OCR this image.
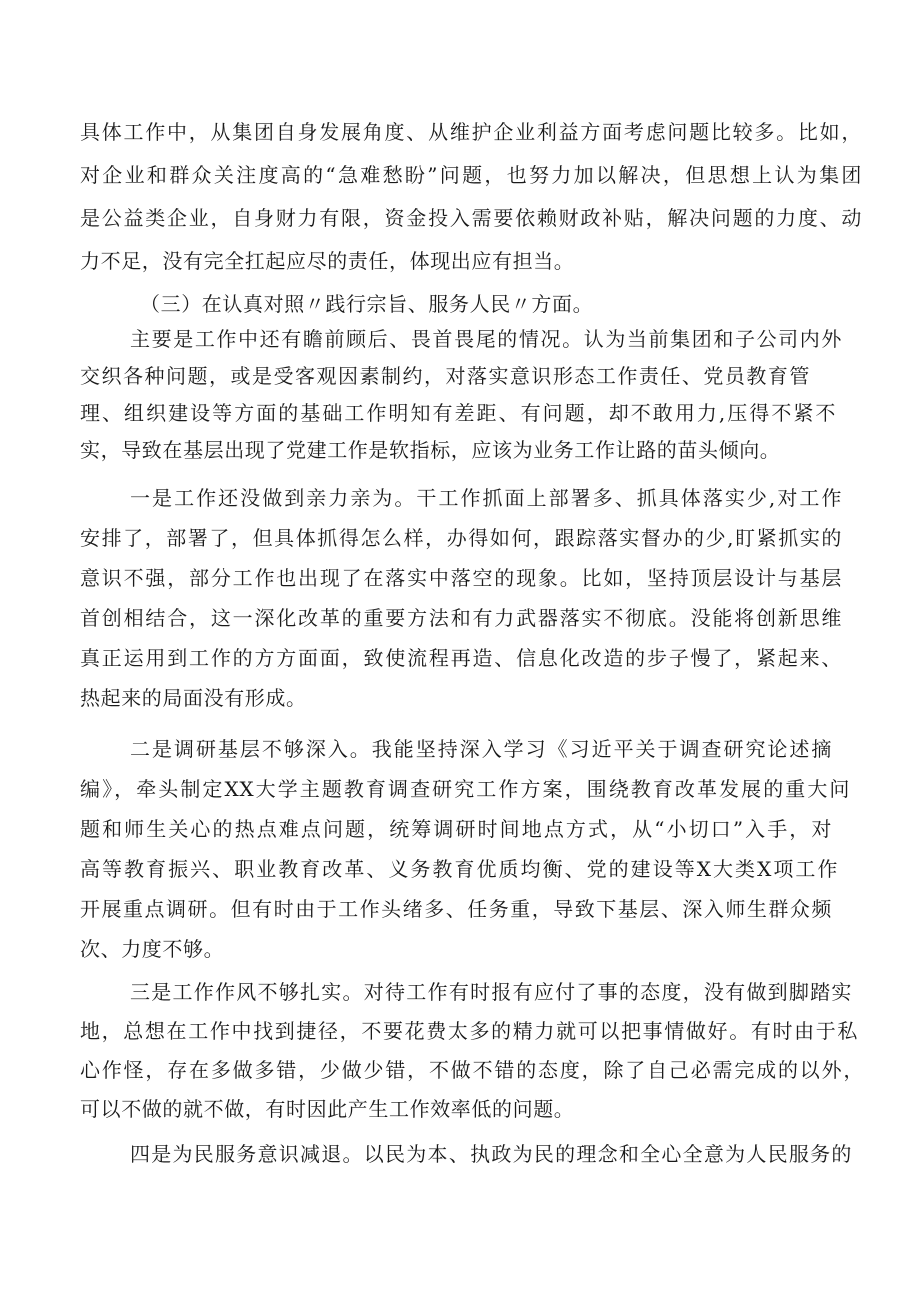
具体工作中，从集团自身发展角度、从维护企业利益方面考虑问题比较多。比如，
对企业和群众关注度高的“急难愁盼”问题，也努力加以解决，但思想上认为集团
是公益类企业，自身财力有限，资金投入需要依赖财政补贴，解决问题的力度、动
力不足，没有完全扛起应尽的责任，体现出应有担当。
（三）在认真对照〃践行宗旨、服务人民〃方面。
主要是工作中还有瞻前顾后、畏首畏尾的情况。认为当前集团和子公司内外
交织各种问题，或是受客观因素制约，对落实意识形态工作责任、党员教育管
理、组织建设等方面的基础工作明知有差距、有问题，却不敢用力,压得不紧不
实，导致在基层出现了党建工作是软指标，应该为业务工作让路的苗头倾向。
一是工作还没做到亲力亲为。干工作抓面上部署多、抓具体落实少,对工作
安排了，部署了，但具体抓得怎么样，办得如何，跟踪落实督办的少,盯紧抓实的
意识不强，部分工作也出现了在落实中落空的现象。比如，坚持顶层设计与基层
首创相结合，这一深化改革的重要方法和有力武器落实不彻底。没能将创新思维
真正运用到工作的方方面面，致使流程再造、信息化改造的步子慢了，紧起来、
热起来的局面没有形成。
二是调研基层不够深入。我能坚持深入学习《习近平关于调查研究论述摘
编》，牵头制定XX大学主题教育调查研究工作方案，围绕教育改革发展的重大问
题和师生关心的热点难点问题，统筹调研时间地点方式，从“小切口”入手，对
高等教育振兴、职业教育改革、义务教育优质均衡、党的建设等X大类X项工作
开展重点调研。但有时由于工作头绪多、任务重，导致下基层、深入师生群众频
次、力度不够。
三是工作作风不够扎实。对待工作有时报有应付了事的态度，没有做到脚踏实
地，总想在工作中找到捷径，不要花费太多的精力就可以把事情做好。有时由于私
心作怪，存在多做多错，少做少错，不做不错的态度，除了自己必需完成的以外，
可以不做的就不做，有时因此产生工作效率低的问题。
四是为民服务意识减退。以民为本、执政为民的理念和全心全意为人民服务的
